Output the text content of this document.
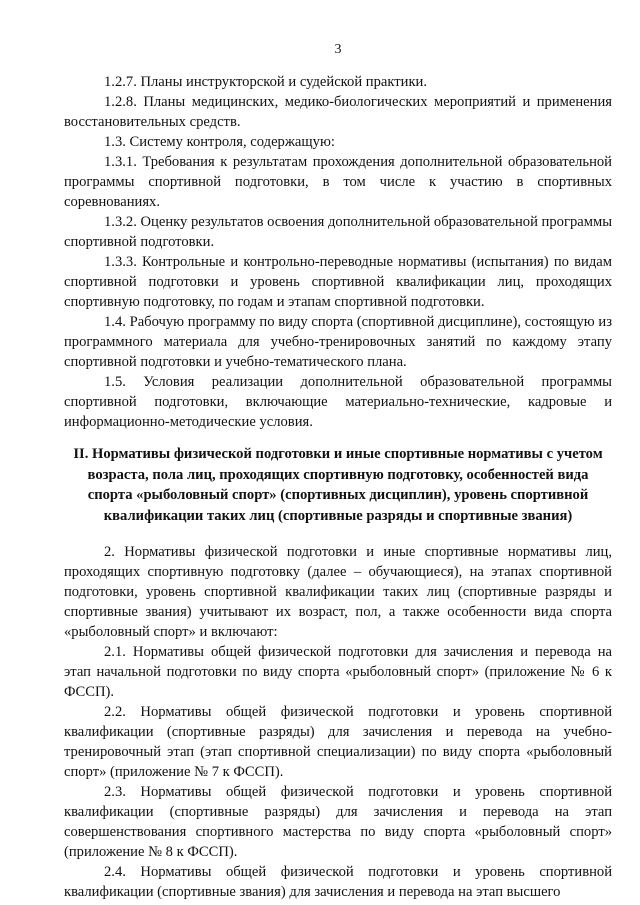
3

1.2.7. Планы инструкторской и судейской практики.

1.2.8. Планы медицинских, медико-биологических мероприятий и применения восстановительных средств.

1.3. Систему контроля, содержащую:

1.3.1. Требования к результатам прохождения дополнительной образовательной программы спортивной подготовки, в том числе к участию в спортивных соревнованиях.

1.3.2. Оценку результатов освоения дополнительной образовательной программы спортивной подготовки.

1.3.3. Контрольные и контрольно-переводные нормативы (испытания) по видам спортивной подготовки и уровень спортивной квалификации лиц, проходящих спортивную подготовку, по годам и этапам спортивной подготовки.

1.4. Рабочую программу по виду спорта (спортивной дисциплине), состоящую из программного материала для учебно-тренировочных занятий по каждому этапу спортивной подготовки и учебно-тематического плана.

1.5. Условия реализации дополнительной образовательной программы спортивной подготовки, включающие материально-технические, кадровые и информационно-методические условия.

II. Нормативы физической подготовки и иные спортивные нормативы с учетом возраста, пола лиц, проходящих спортивную подготовку, особенностей вида спорта «рыболовный спорт» (спортивных дисциплин), уровень спортивной квалификации таких лиц (спортивные разряды и спортивные звания)

2. Нормативы физической подготовки и иные спортивные нормативы лиц, проходящих спортивную подготовку (далее – обучающиеся), на этапах спортивной подготовки, уровень спортивной квалификации таких лиц (спортивные разряды и спортивные звания) учитывают их возраст, пол, а также особенности вида спорта «рыболовный спорт» и включают:

2.1. Нормативы общей физической подготовки для зачисления и перевода на этап начальной подготовки по виду спорта «рыболовный спорт» (приложение № 6 к ФССП).

2.2. Нормативы общей физической подготовки и уровень спортивной квалификации (спортивные разряды) для зачисления и перевода на учебно-тренировочный этап (этап спортивной специализации) по виду спорта «рыболовный спорт» (приложение № 7 к ФССП).

2.3. Нормативы общей физической подготовки и уровень спортивной квалификации (спортивные разряды) для зачисления и перевода на этап совершенствования спортивного мастерства по виду спорта «рыболовный спорт» (приложение № 8 к ФССП).

2.4. Нормативы общей физической подготовки и уровень спортивной квалификации (спортивные звания) для зачисления и перевода на этап высшего
